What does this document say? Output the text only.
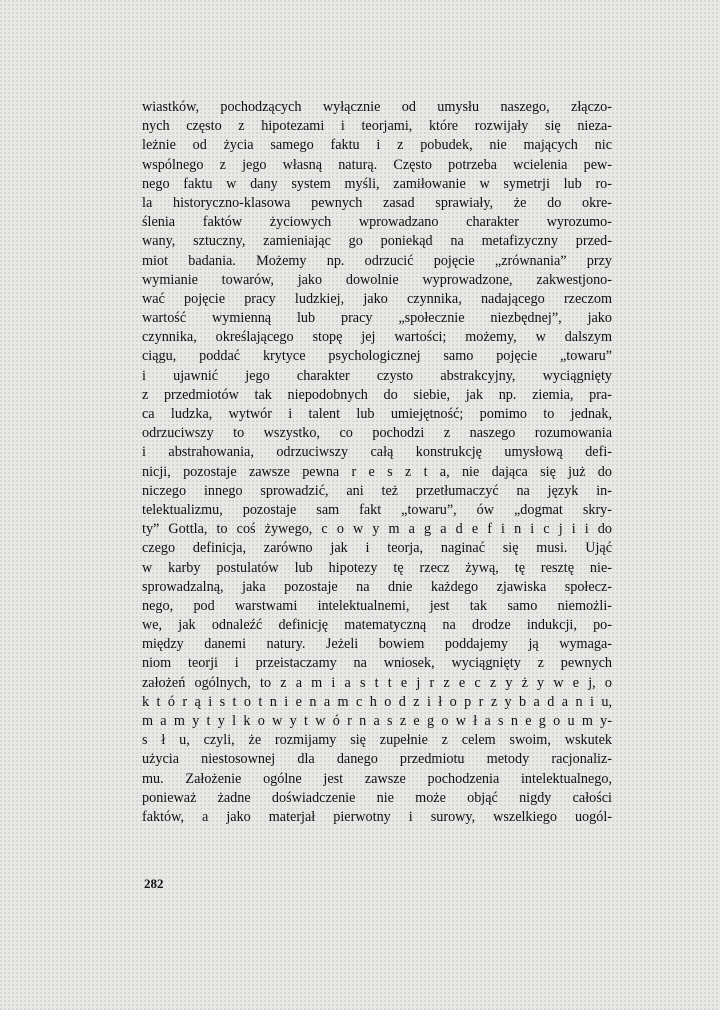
wiastków, pochodzących wyłącznie od umysłu naszego, złączo-
nych często z hipotezami i teorjami, które rozwijały się nieza-
leżnie od życia samego faktu i z pobudek, nie mających nic
wspólnego z jego własną naturą. Często potrzeba wcielenia pew-
nego faktu w dany system myśli, zamiłowanie w symetrji lub ro-
la historyczno-klasowa pewnych zasad sprawiały, że do okre-
ślenia faktów życiowych wprowadzano charakter wyrozumo-
wany, sztuczny, zamieniając go poniekąd na metafizyczny przed-
miot badania. Możemy np. odrzucić pojęcie „zrównania” przy
wymianie towarów, jako dowolnie wyprowadzone, zakwestjono-
wać pojęcie pracy ludzkiej, jako czynnika, nadającego rzeczom
wartość wymienną lub pracy „społecznie niezbędnej”, jako
czynnika, określającego stopę jej wartości; możemy, w dalszym
ciągu, poddać krytyce psychologicznej samo pojęcie „towaru”
i ujawnić jego charakter czysto abstrakcyjny, wyciągnięty
z przedmiotów tak niepodobnych do siebie, jak np. ziemia, pra-
ca ludzka, wytwór i talent lub umiejętność; pomimo to jednak,
odrzuciwszy to wszystko, co pochodzi z naszego rozumowania
i abstrahowania, odrzuciwszy całą konstrukcję umysłową defi-
nicji, pozostaje zawsze pewna r e s z t a, nie dająca się już do
niczego innego sprowadzić, ani też przetłumaczyć na język in-
telektualizmu, pozostaje sam fakt „towaru”, ów „dogmat skry-
ty” Gottla, to coś żywego, c o w y m a g a d e f i n i c j i i do
czego definicja, zarówno jak i teorja, naginać się musi. Ująć
w karby postulatów lub hipotezy tę rzecz żywą, tę resztę nie-
sprowadzalną, jaka pozostaje na dnie każdego zjawiska społecz-
nego, pod warstwami intelektualnemi, jest tak samo niemożli-
we, jak odnaleźć definicję matematyczną na drodze indukcji, po-
między danemi natury. Jeżeli bowiem poddajemy ją wymaga-
niom teorji i przeistaczamy na wniosek, wyciągnięty z pewnych
założeń ogólnych, to z a m i a s t t e j r z e c z y ż y w e j, o
k t ó r ą i s t o t n i e n a m c h o d z i ł o p r z y b a d a n i u,
m a m y t y l k o w y t w ó r n a s z e g o w ł a s n e g o u m y-
s ł u, czyli, że rozmijamy się zupełnie z celem swoim, wskutek
użycia niestosownej dla danego przedmiotu metody racjonaliz-
mu. Założenie ogólne jest zawsze pochodzenia intelektualnego,
ponieważ żadne doświadczenie nie może objąć nigdy całości
faktów, a jako materjał pierwotny i surowy, wszelkiego uogól-
282
